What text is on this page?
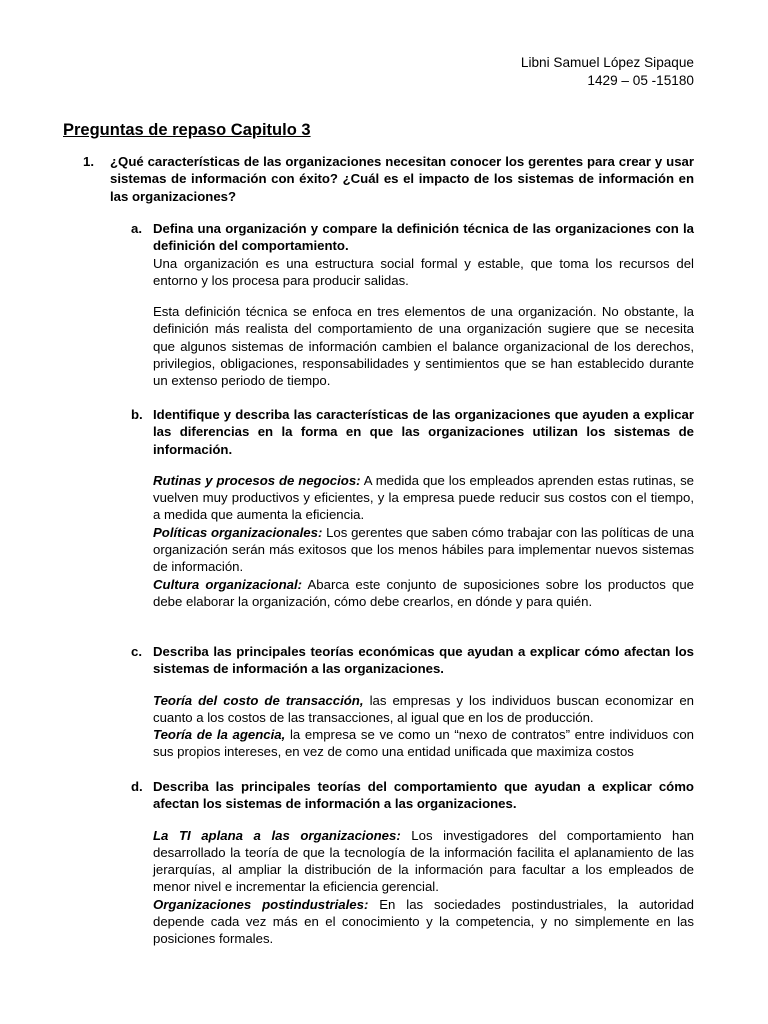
Libni Samuel López Sipaque
1429 – 05 -15180
Preguntas de repaso Capitulo 3
1. ¿Qué características de las organizaciones necesitan conocer los gerentes para crear y usar sistemas de información con éxito? ¿Cuál es el impacto de los sistemas de información en las organizaciones?
a. Defina una organización y compare la definición técnica de las organizaciones con la definición del comportamiento.

Una organización es una estructura social formal y estable, que toma los recursos del entorno y los procesa para producir salidas.

Esta definición técnica se enfoca en tres elementos de una organización. No obstante, la definición más realista del comportamiento de una organización sugiere que se necesita que algunos sistemas de información cambien el balance organizacional de los derechos, privilegios, obligaciones, responsabilidades y sentimientos que se han establecido durante un extenso periodo de tiempo.

b. Identifique y describa las características de las organizaciones que ayuden a explicar las diferencias en la forma en que las organizaciones utilizan los sistemas de información.

Rutinas y procesos de negocios: A medida que los empleados aprenden estas rutinas, se vuelven muy productivos y eficientes, y la empresa puede reducir sus costos con el tiempo, a medida que aumenta la eficiencia.

Políticas organizacionales: Los gerentes que saben cómo trabajar con las políticas de una organización serán más exitosos que los menos hábiles para implementar nuevos sistemas de información.

Cultura organizacional: Abarca este conjunto de suposiciones sobre los productos que debe elaborar la organización, cómo debe crearlos, en dónde y para quién.

c. Describa las principales teorías económicas que ayudan a explicar cómo afectan los sistemas de información a las organizaciones.

Teoría del costo de transacción, las empresas y los individuos buscan economizar en cuanto a los costos de las transacciones, al igual que en los de producción.

Teoría de la agencia, la empresa se ve como un “nexo de contratos” entre individuos con sus propios intereses, en vez de como una entidad unificada que maximiza costos

d. Describa las principales teorías del comportamiento que ayudan a explicar cómo afectan los sistemas de información a las organizaciones.

La TI aplana a las organizaciones: Los investigadores del comportamiento han desarrollado la teoría de que la tecnología de la información facilita el aplanamiento de las jerarquías, al ampliar la distribución de la información para facultar a los empleados de menor nivel e incrementar la eficiencia gerencial.

Organizaciones postindustriales: En las sociedades postindustriales, la autoridad depende cada vez más en el conocimiento y la competencia, y no simplemente en las posiciones formales.
